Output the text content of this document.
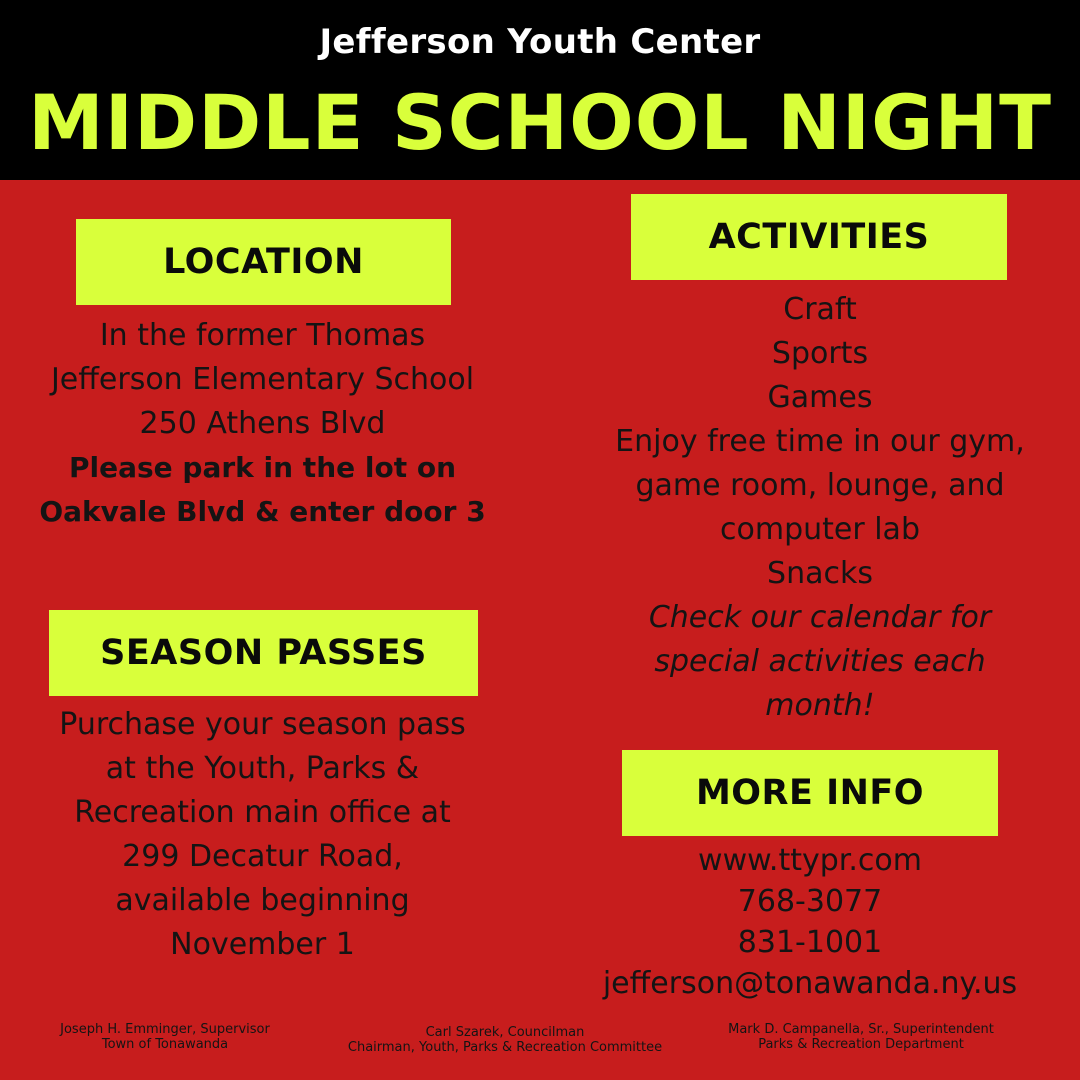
Jefferson Youth Center
MIDDLE SCHOOL NIGHT
LOCATION
In the former Thomas
Jefferson Elementary School
250 Athens Blvd
Please park in the lot on
Oakvale Blvd & enter door 3
SEASON PASSES
Purchase your season pass
at the Youth, Parks &
Recreation main office at
299 Decatur Road,
available beginning
November 1
ACTIVITIES
Craft
Sports
Games
Enjoy free time in our gym,
game room, lounge, and
computer lab
Snacks
Check our calendar for
special activities each
month!
MORE INFO
www.ttypr.com
768-3077
831-1001
jefferson@tonawanda.ny.us
Joseph H. Emminger, Supervisor
Town of Tonawanda
Carl Szarek, Councilman
Chairman, Youth, Parks & Recreation Committee
Mark D. Campanella, Sr., Superintendent
Parks & Recreation Department
